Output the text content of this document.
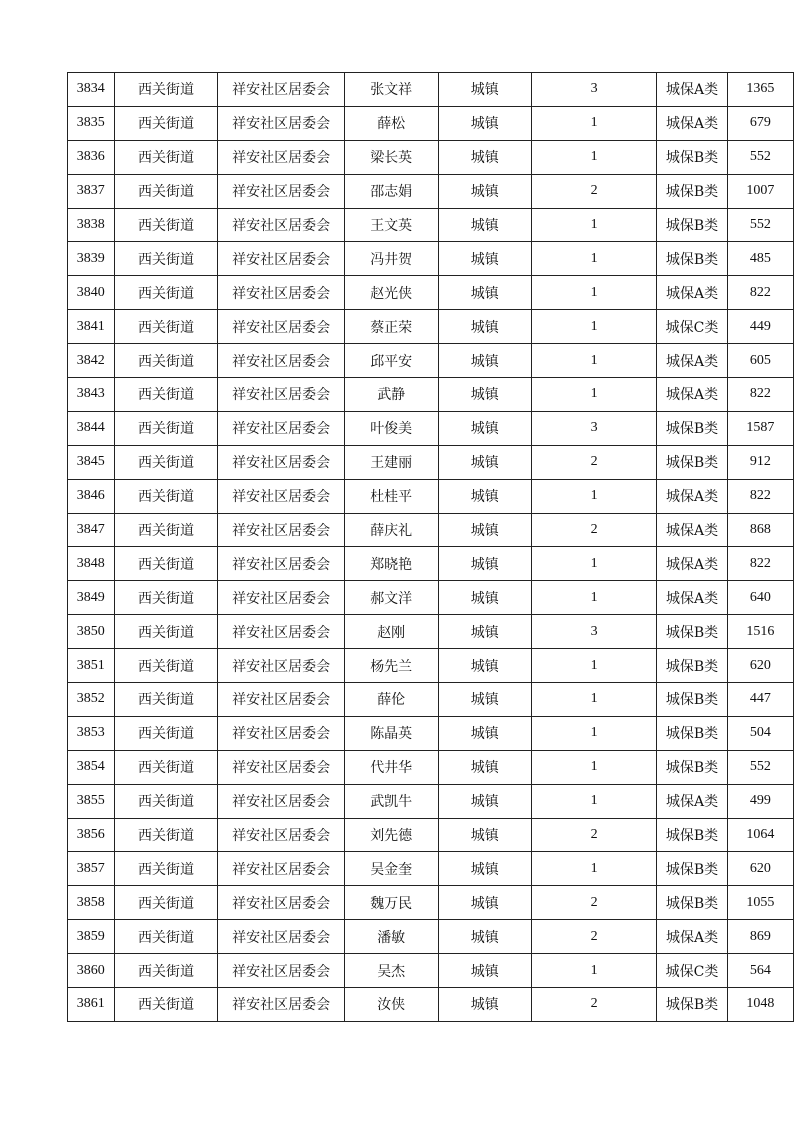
3834	西关街道	祥安社区居委会	张文祥	城镇	3	城保A类	1365
3835	西关街道	祥安社区居委会	薛松	城镇	1	城保A类	679
3836	西关街道	祥安社区居委会	梁长英	城镇	1	城保B类	552
3837	西关街道	祥安社区居委会	邵志娟	城镇	2	城保B类	1007
3838	西关街道	祥安社区居委会	王文英	城镇	1	城保B类	552
3839	西关街道	祥安社区居委会	冯井贺	城镇	1	城保B类	485
3840	西关街道	祥安社区居委会	赵光侠	城镇	1	城保A类	822
3841	西关街道	祥安社区居委会	蔡正荣	城镇	1	城保C类	449
3842	西关街道	祥安社区居委会	邱平安	城镇	1	城保A类	605
3843	西关街道	祥安社区居委会	武静	城镇	1	城保A类	822
3844	西关街道	祥安社区居委会	叶俊美	城镇	3	城保B类	1587
3845	西关街道	祥安社区居委会	王建丽	城镇	2	城保B类	912
3846	西关街道	祥安社区居委会	杜桂平	城镇	1	城保A类	822
3847	西关街道	祥安社区居委会	薛庆礼	城镇	2	城保A类	868
3848	西关街道	祥安社区居委会	郑晓艳	城镇	1	城保A类	822
3849	西关街道	祥安社区居委会	郝文洋	城镇	1	城保A类	640
3850	西关街道	祥安社区居委会	赵刚	城镇	3	城保B类	1516
3851	西关街道	祥安社区居委会	杨先兰	城镇	1	城保B类	620
3852	西关街道	祥安社区居委会	薛伦	城镇	1	城保B类	447
3853	西关街道	祥安社区居委会	陈晶英	城镇	1	城保B类	504
3854	西关街道	祥安社区居委会	代井华	城镇	1	城保B类	552
3855	西关街道	祥安社区居委会	武凯牛	城镇	1	城保A类	499
3856	西关街道	祥安社区居委会	刘先德	城镇	2	城保B类	1064
3857	西关街道	祥安社区居委会	吴金奎	城镇	1	城保B类	620
3858	西关街道	祥安社区居委会	魏万民	城镇	2	城保B类	1055
3859	西关街道	祥安社区居委会	潘敏	城镇	2	城保A类	869
3860	西关街道	祥安社区居委会	吴杰	城镇	1	城保C类	564
3861	西关街道	祥安社区居委会	汝侠	城镇	2	城保B类	1048
